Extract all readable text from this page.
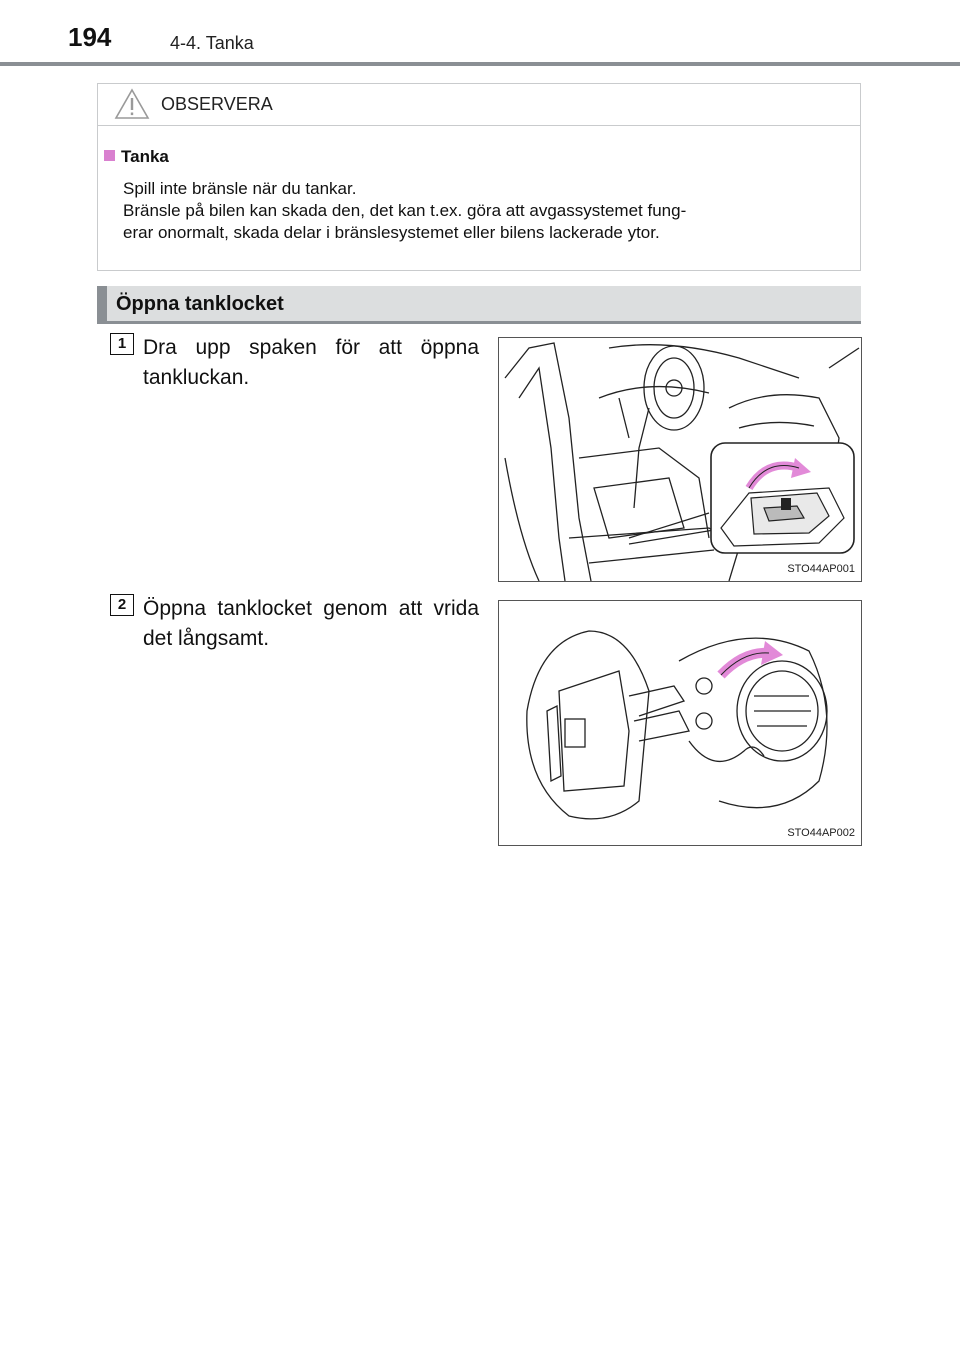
194	4-4. Tanka
OBSERVERA
Tanka

Spill inte bränsle när du tankar.

Bränsle på bilen kan skada den, det kan t.ex. göra att avgassystemet fung-

erar onormalt, skada delar i bränslesystemet eller bilens lackerade ytor.

Öppna tanklocket
1 Dra upp spaken för att öppna tankluckan.
STO44AP001
2 Öppna tanklocket genom att vrida det långsamt.
STO44AP002
